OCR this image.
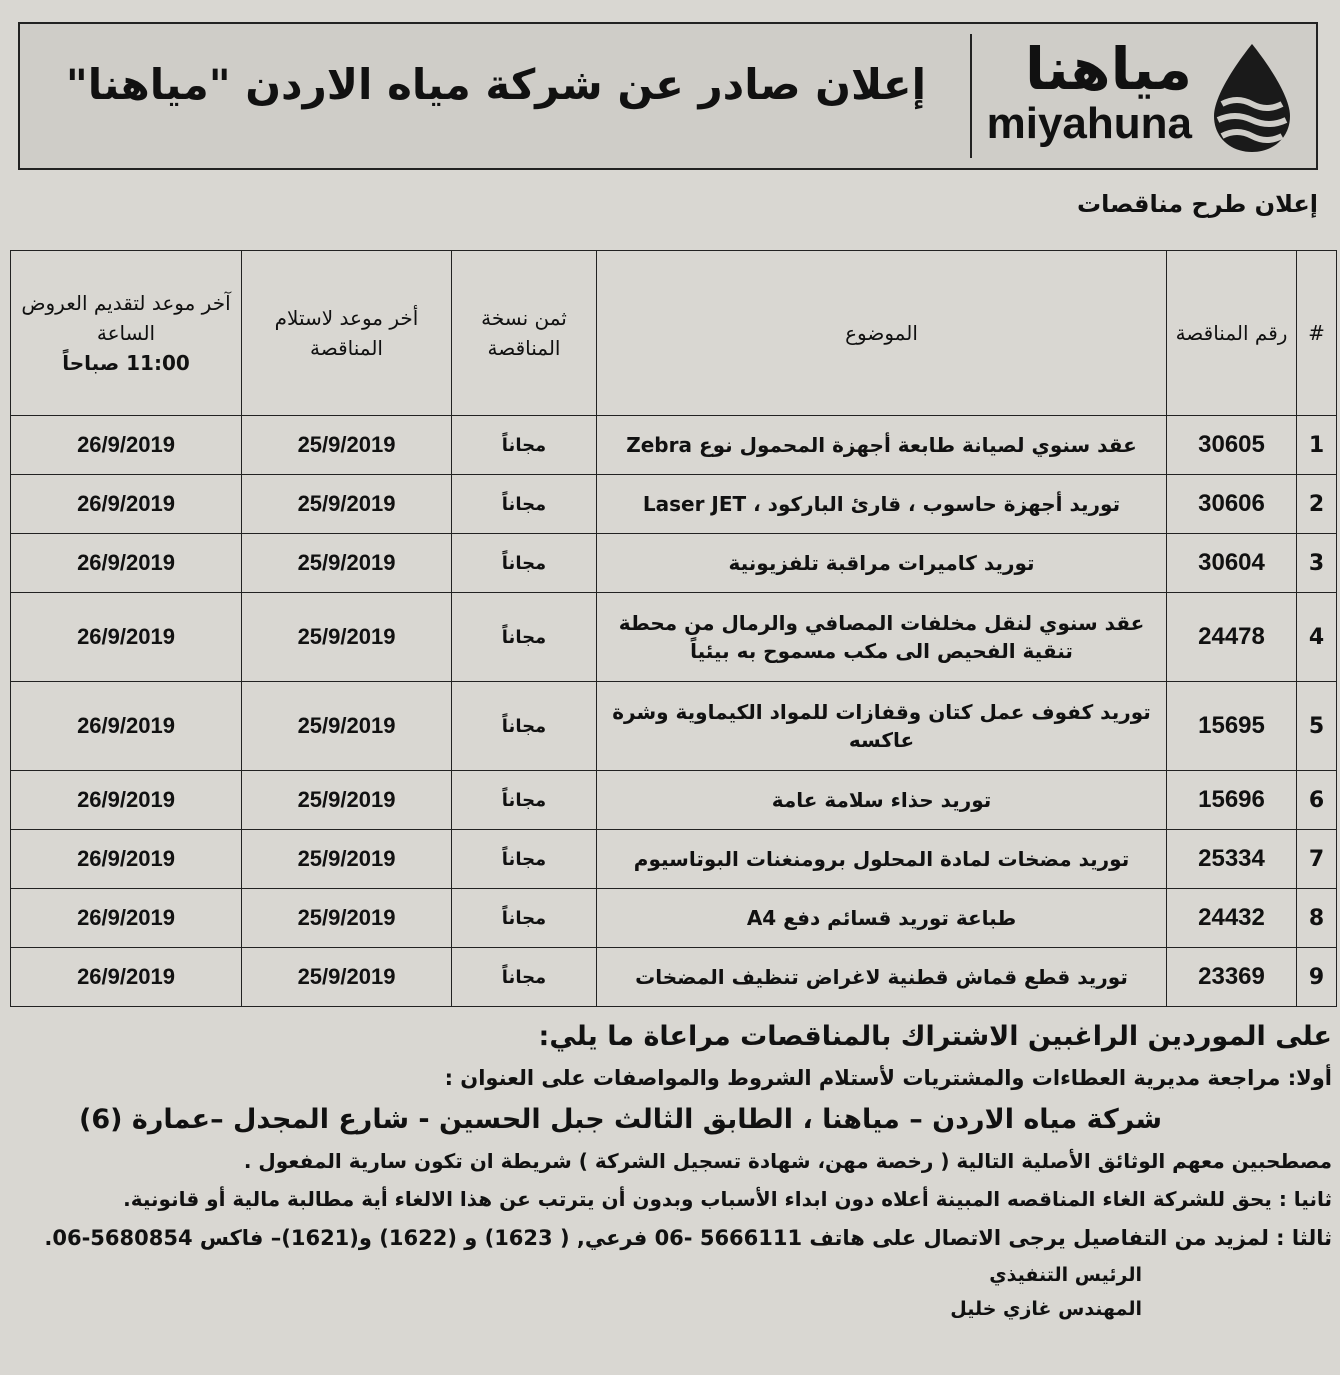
مياهنا
miyahuna
إعلان صادر عن شركة مياه الاردن "مياهنا"
إعلان طرح مناقصات
#	رقم المناقصة	الموضوع	ثمن نسخة المناقصة	أخر موعد لاستلام المناقصة	آخر موعد لتقديم العروض الساعة
11:00 صباحاً
1	30605	عقد سنوي لصيانة طابعة أجهزة المحمول نوع Zebra	مجاناً	25/9/2019	26/9/2019
2	30606	توريد أجهزة حاسوب ، قارئ الباركود ، Laser JET	مجاناً	25/9/2019	26/9/2019
3	30604	توريد كاميرات مراقبة تلفزيونية	مجاناً	25/9/2019	26/9/2019
4	24478	عقد سنوي لنقل مخلفات المصافي والرمال من محطة تنقية الفحيص الى مكب مسموح به بيئياً	مجاناً	25/9/2019	26/9/2019
5	15695	توريد كفوف عمل كتان وقفازات للمواد الكيماوية وشرة عاكسه	مجاناً	25/9/2019	26/9/2019
6	15696	توريد حذاء سلامة عامة	مجاناً	25/9/2019	26/9/2019
7	25334	توريد مضخات لمادة المحلول برومنغنات البوتاسيوم	مجاناً	25/9/2019	26/9/2019
8	24432	طباعة توريد قسائم دفع A4	مجاناً	25/9/2019	26/9/2019
9	23369	توريد قطع قماش قطنية لاغراض تنظيف المضخات	مجاناً	25/9/2019	26/9/2019

على الموردين الراغبين الاشتراك بالمناقصات مراعاة ما يلي:

أولا: مراجعة مديرية العطاءات والمشتريات لأستلام الشروط والمواصفات على العنوان :

شركة مياه الاردن – مياهنا ، الطابق الثالث جبل الحسين - شارع المجدل –عمارة (6)

مصطحبين معهم الوثائق الأصلية التالية ( رخصة مهن، شهادة تسجيل الشركة ) شريطة ان تكون سارية المفعول .

ثانيا : يحق للشركة الغاء المناقصه المبينة أعلاه دون ابداء الأسباب وبدون أن يترتب عن هذا الالغاء أية مطالبة مالية أو قانونية.

ثالثا : لمزيد من التفاصيل يرجى الاتصال على هاتف 5666111 -06 فرعي, ( 1623) و (1622) و(1621)– فاكس 5680854-06.

الرئيس التنفيذي

المهندس غازي خليل
